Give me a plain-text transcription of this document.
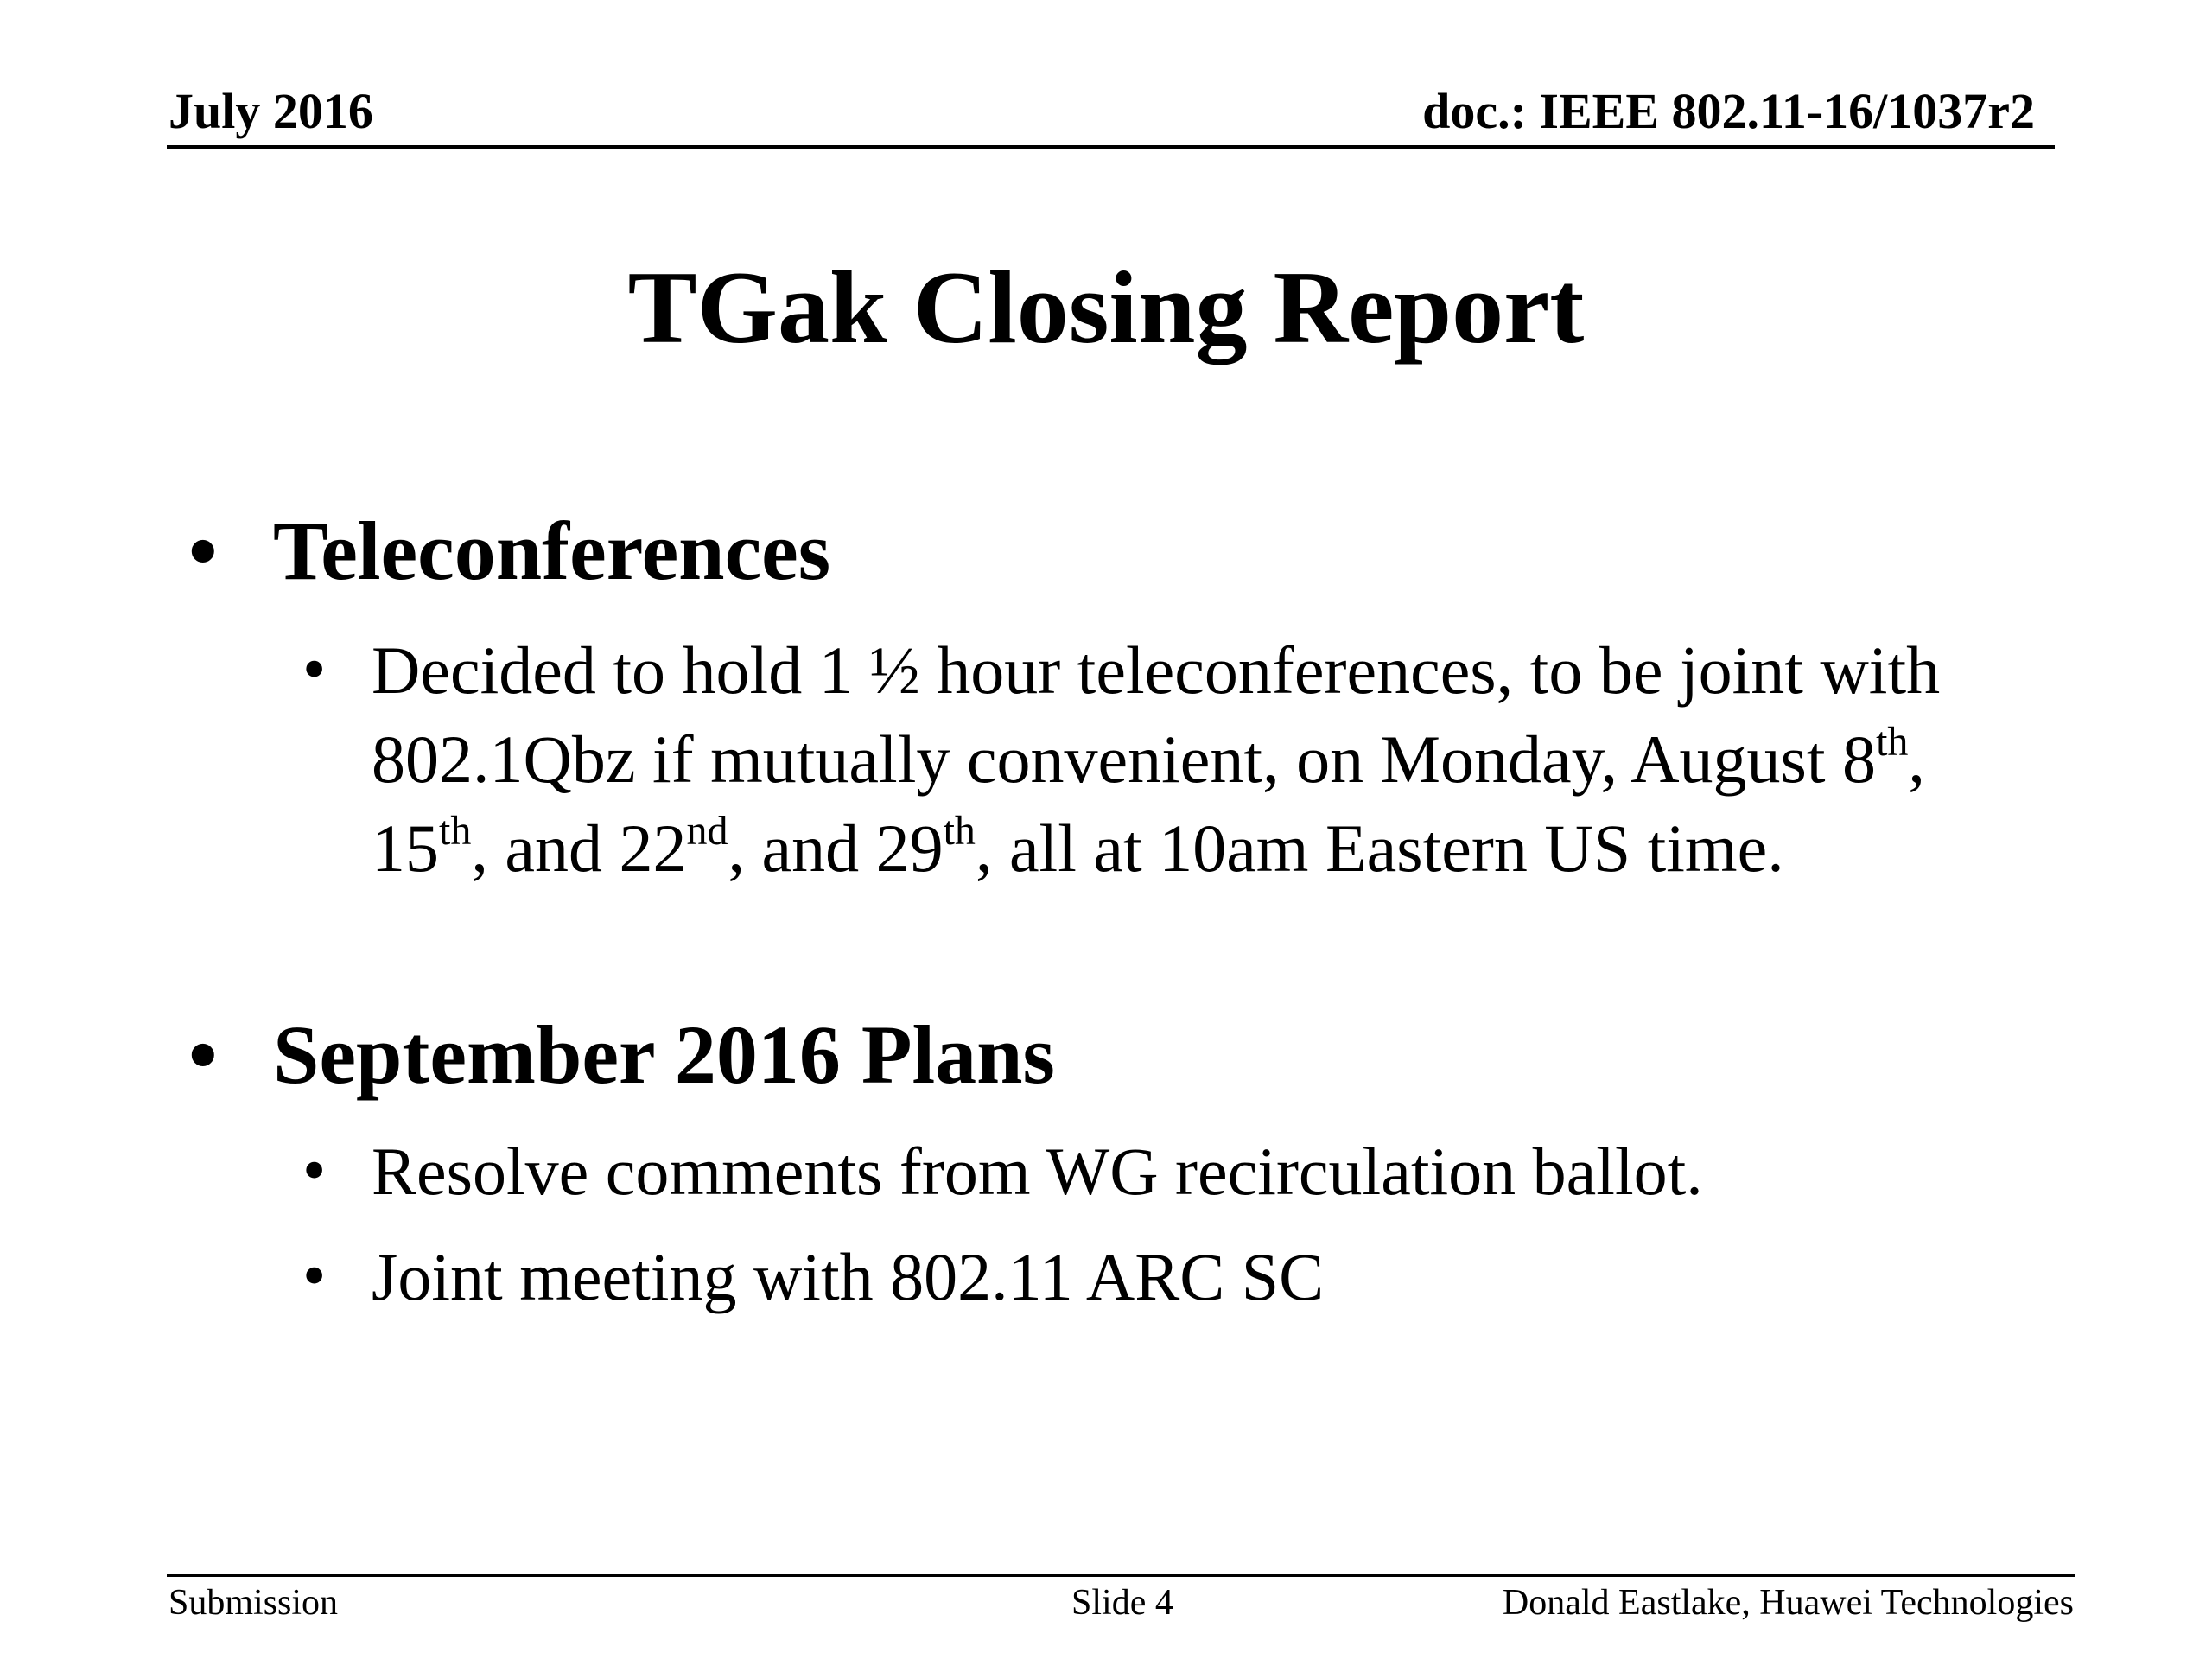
July 2016	doc.: IEEE 802.11-16/1037r2
TGak Closing Report
• Teleconferences
• Decided to hold 1 ½ hour teleconferences, to be joint with 802.1Qbz if mutually convenient, on Monday, August 8th, 15th, and 22nd, and 29th, all at 10am Eastern US time.
• September 2016 Plans
• Resolve comments from WG recirculation ballot.
• Joint meeting with 802.11 ARC SC
Submission	Slide 4	Donald Eastlake, Huawei Technologies
